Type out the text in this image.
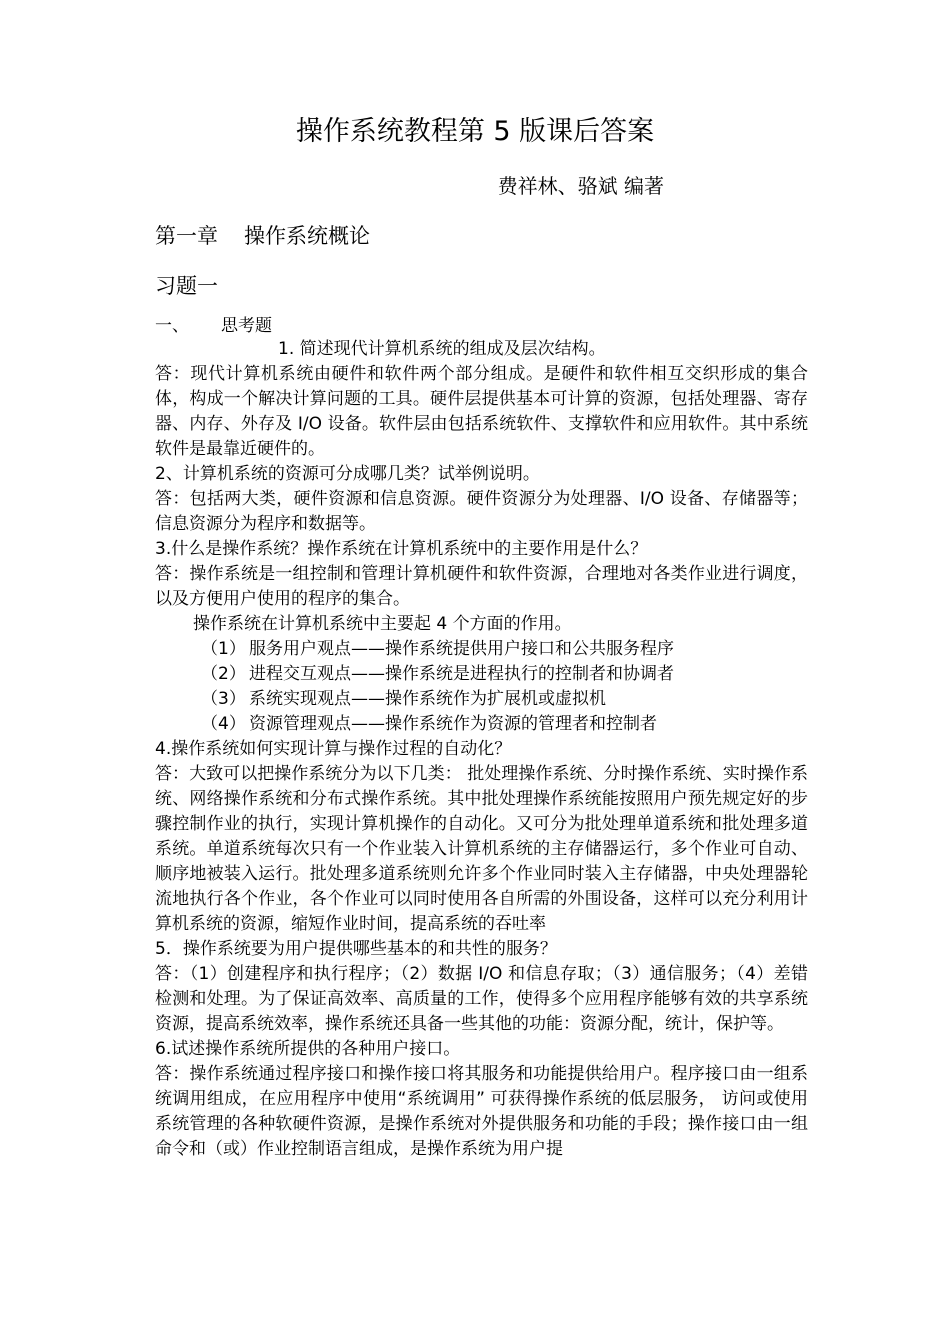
操作系统教程第 5 版课后答案
费祥林、骆斌 编著
第一章 操作系统概论
习题一
一、 思考题

1. 简述现代计算机系统的组成及层次结构。

答：现代计算机系统由硬件和软件两个部分组成。是硬件和软件相互交织形成的集合体，构成一个解决计算问题的工具。硬件层提供基本可计算的资源，包括处理器、寄存器、内存、外存及 I/O 设备。软件层由包括系统软件、支撑软件和应用软件。其中系统软件是最靠近硬件的。

2、计算机系统的资源可分成哪几类？试举例说明。

答：包括两大类，硬件资源和信息资源。硬件资源分为处理器、I/O 设备、存储器等；信息资源分为程序和数据等。

3.什么是操作系统？操作系统在计算机系统中的主要作用是什么？

答：操作系统是一组控制和管理计算机硬件和软件资源，合理地对各类作业进行调度，以及方便用户使用的程序的集合。

操作系统在计算机系统中主要起 4 个方面的作用。

（1） 服务用户观点——操作系统提供用户接口和公共服务程序

（2） 进程交互观点——操作系统是进程执行的控制者和协调者

（3） 系统实现观点——操作系统作为扩展机或虚拟机

（4） 资源管理观点——操作系统作为资源的管理者和控制者

4.操作系统如何实现计算与操作过程的自动化？

答：大致可以把操作系统分为以下几类： 批处理操作系统、分时操作系统、实时操作系统、网络操作系统和分布式操作系统。其中批处理操作系统能按照用户预先规定好的步骤控制作业的执行，实现计算机操作的自动化。又可分为批处理单道系统和批处理多道系统。单道系统每次只有一个作业装入计算机系统的主存储器运行，多个作业可自动、顺序地被装入运行。批处理多道系统则允许多个作业同时装入主存储器，中央处理器轮流地执行各个作业，各个作业可以同时使用各自所需的外围设备，这样可以充分利用计算机系统的资源，缩短作业时间，提高系统的吞吐率

5．操作系统要为用户提供哪些基本的和共性的服务？

答：（1）创建程序和执行程序；（2）数据 I/O 和信息存取；（3）通信服务；（4）差错检测和处理。为了保证高效率、高质量的工作，使得多个应用程序能够有效的共享系统资源，提高系统效率，操作系统还具备一些其他的功能：资源分配，统计，保护等。

6.试述操作系统所提供的各种用户接口。

答：操作系统通过程序接口和操作接口将其服务和功能提供给用户。程序接口由一组系统调用组成，在应用程序中使用“系统调用” 可获得操作系统的低层服务， 访问或使用系统管理的各种软硬件资源，是操作系统对外提供服务和功能的手段；操作接口由一组命令和（或）作业控制语言组成，是操作系统为用户提
